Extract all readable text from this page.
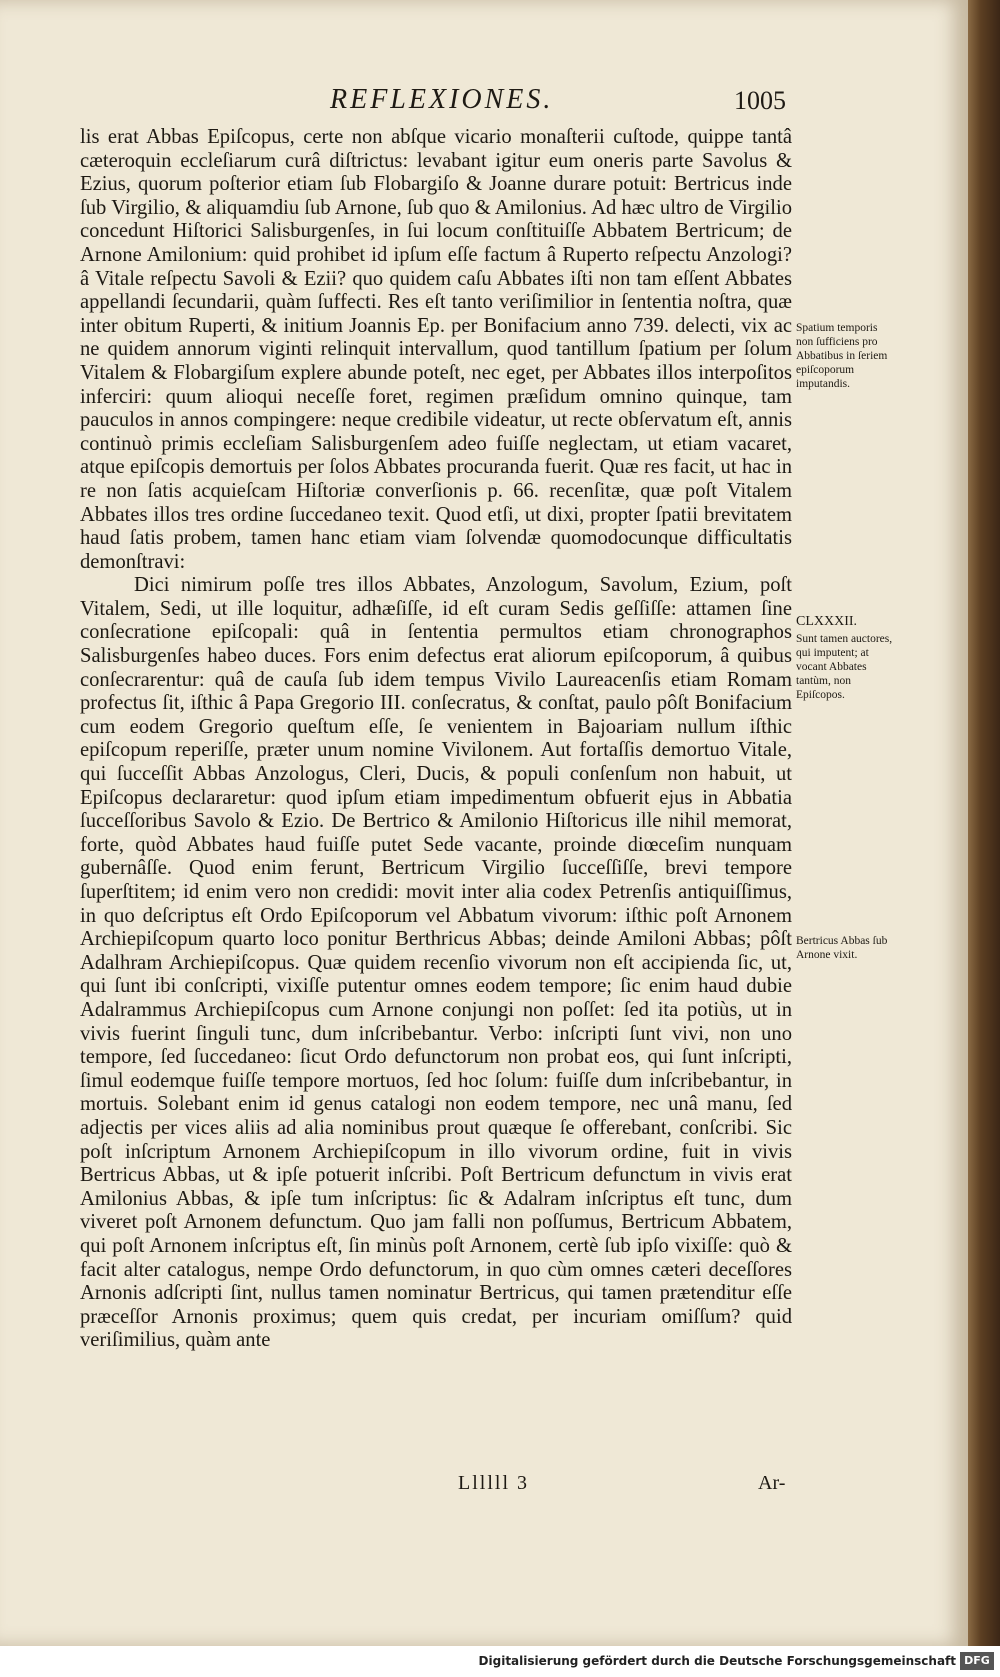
REFLEXIONES.	1005

lis erat Abbas Epiſcopus, certe non abſque vicario monaſterii cuſtode, quippe tantâ cæteroquin eccleſiarum curâ diſtrictus: levabant igitur eum oneris parte Savolus & Ezius, quorum poſterior etiam ſub Flobargiſo & Joanne durare potuit: Bertricus inde ſub Virgilio, & aliquamdiu ſub Arnone, ſub quo & Amilonius. Ad hæc ultro de Virgilio concedunt Hiſtorici Salisburgenſes, in ſui locum conſtituiſſe Abbatem Bertricum; de Arnone Amilonium: quid prohibet id ipſum eſſe factum â Ruperto reſpectu Anzologi? â Vitale reſpectu Savoli & Ezii? quo quidem caſu Abbates iſti non tam eſſent Abbates appellandi ſecundarii, quàm ſuffecti. Res eſt tanto veriſimilior in ſententia noſtra, quæ inter obitum Ruperti, & initium Joannis Ep. per Bonifacium anno 739. delecti, vix ac ne quidem annorum viginti relinquit intervallum, quod tantillum ſpatium per ſolum Vitalem & Flobargiſum explere abunde poteſt, nec eget, per Abbates illos interpoſitos inferciri: quum alioqui neceſſe foret, regimen præſidum omnino quinque, tam pauculos in annos compingere: neque credibile videatur, ut recte obſervatum eſt, annis continuò primis eccleſiam Salisburgenſem adeo fuiſſe neglectam, ut etiam vacaret, atque epiſcopis demortuis per ſolos Abbates procuranda fuerit. Quæ res facit, ut hac in re non ſatis acquieſcam Hiſtoriæ converſionis p. 66. recenſitæ, quæ poſt Vitalem Abbates illos tres ordine ſuccedaneo texit. Quod etſi, ut dixi, propter ſpatii brevitatem haud ſatis probem, tamen hanc etiam viam ſolvendæ quomodocunque difficultatis demonſtravi:

Dici nimirum poſſe tres illos Abbates, Anzologum, Savolum, Ezium, poſt Vitalem, Sedi, ut ille loquitur, adhæſiſſe, id eſt curam Sedis geſſiſſe: attamen ſine conſecratione epiſcopali: quâ in ſententia permultos etiam chronographos Salisburgenſes habeo duces. Fors enim defectus erat aliorum epiſcoporum, â quibus conſecrarentur: quâ de cauſa ſub idem tempus Vivilo Laureacenſis etiam Romam profectus ſit, iſthic â Papa Gregorio III. conſecratus, & conſtat, paulo pôſt Bonifacium cum eodem Gregorio queſtum eſſe, ſe venientem in Bajoariam nullum iſthic epiſcopum reperiſſe, præter unum nomine Vivilonem. Aut fortaſſis demortuo Vitale, qui ſucceſſit Abbas Anzologus, Cleri, Ducis, & populi conſenſum non habuit, ut Epiſcopus declararetur: quod ipſum etiam impedimentum obfuerit ejus in Abbatia ſucceſſoribus Savolo & Ezio. De Bertrico & Amilonio Hiſtoricus ille nihil memorat, forte, quòd Abbates haud fuiſſe putet Sede vacante, proinde diœceſim nunquam gubernâſſe. Quod enim ferunt, Bertricum Virgilio ſucceſſiſſe, brevi tempore ſuperſtitem; id enim vero non credidi: movit inter alia codex Petrenſis antiquiſſimus, in quo deſcriptus eſt Ordo Epiſcoporum vel Abbatum vivorum: iſthic poſt Arnonem Archiepiſcopum quarto loco ponitur Berthricus Abbas; deinde Amiloni Abbas; pôſt Adalhram Archiepiſcopus. Quæ quidem recenſio vivorum non eſt accipienda ſic, ut, qui ſunt ibi conſcripti, vixiſſe putentur omnes eodem tempore; ſic enim haud dubie Adalrammus Archiepiſcopus cum Arnone conjungi non poſſet: ſed ita potiùs, ut in vivis fuerint ſinguli tunc, dum inſcribebantur. Verbo: inſcripti ſunt vivi, non uno tempore, ſed ſuccedaneo: ſicut Ordo defunctorum non probat eos, qui ſunt inſcripti, ſimul eodemque fuiſſe tempore mortuos, ſed hoc ſolum: fuiſſe dum inſcribebantur, in mortuis. Solebant enim id genus catalogi non eodem tempore, nec unâ manu, ſed adjectis per vices aliis ad alia nominibus prout quæque ſe offerebant, conſcribi. Sic poſt inſcriptum Arnonem Archiepiſcopum in illo vivorum ordine, fuit in vivis Bertricus Abbas, ut & ipſe potuerit inſcribi. Poſt Bertricum defunctum in vivis erat Amilonius Abbas, & ipſe tum inſcriptus: ſic & Adalram inſcriptus eſt tunc, dum viveret poſt Arnonem defunctum. Quo jam falli non poſſumus, Bertricum Abbatem, qui poſt Arnonem inſcriptus eſt, ſin minùs poſt Arnonem, certè ſub ipſo vixiſſe: quò & facit alter catalogus, nempe Ordo defunctorum, in quo cùm omnes cæteri deceſſores Arnonis adſcripti ſint, nullus tamen nominatur Bertricus, qui tamen prætenditur eſſe præceſſor Arnonis proximus; quem quis credat, per incuriam omiſſum? quid veriſimilius, quàm ante

Spatium temporis non ſufficiens pro Abbatibus in ſeriem epiſcoporum imputandis.
CLXXXII.
Sunt tamen auctores, qui imputent; at vocant Abbates tantùm, non Epiſcopos.
Bertricus Abbas ſub Arnone vixit.
Llllll 3	Ar-
Digitalisierung gefördert durch die Deutsche Forschungsgemeinschaft DFG
